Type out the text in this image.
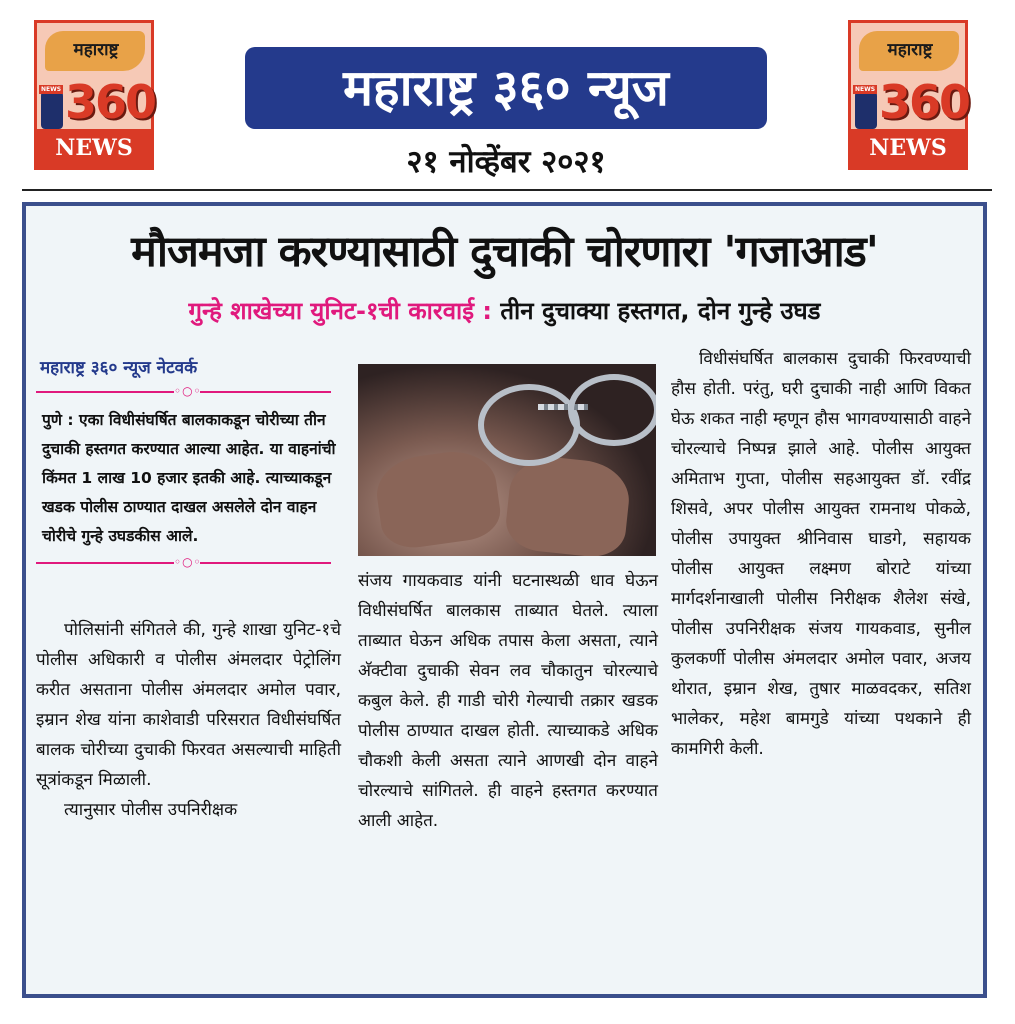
महाराष्ट्र
NEWS 360
NEWS
महाराष्ट्र ३६० न्यूज
२१ नोव्हेंबर २०२१
महाराष्ट्र
NEWS 360
NEWS
मौजमजा करण्यासाठी दुचाकी चोरणारा 'गजाआड'
गुन्हे शाखेच्या युनिट-१ची कारवाई : तीन दुचाक्या हस्तगत, दोन गुन्हे उघड
महाराष्ट्र ३६० न्यूज नेटवर्क
◦○◦

पुणे : एका विधीसंघर्षित बालकाकडून चोरीच्या तीन दुचाकी हस्तगत करण्यात आल्या आहेत. या वाहनांची किंमत 1 लाख 10 हजार इतकी आहे. त्याच्याकडून खडक पोलीस ठाण्यात दाखल असलेले दोन वाहन चोरीचे गुन्हे उघडकीस आले.

◦○◦

पोलिसांनी संगितले की, गुन्हे शाखा युनिट-१चे पोलीस अधिकारी व पोलीस अंमलदार पेट्रोलिंग करीत असताना पोलीस अंमलदार अमोल पवार, इम्रान शेख यांना काशेवाडी परिसरात विधीसंघर्षित बालक चोरीच्या दुचाकी फिरवत असल्याची माहिती सूत्रांकडून मिळाली.

त्यानुसार पोलीस उपनिरीक्षक

संजय गायकवाड यांनी घटनास्थळी धाव घेऊन विधीसंघर्षित बालकास ताब्यात घेतले. त्याला ताब्यात घेऊन अधिक तपास केला असता, त्याने अ‍ॅक्टीवा दुचाकी सेवन लव चौकातुन चोरल्याचे कबुल केले. ही गाडी चोरी गेल्याची तक्रार खडक पोलीस ठाण्यात दाखल होती. त्याच्याकडे अधिक चौकशी केली असता त्याने आणखी दोन वाहने चोरल्याचे सांगितले. ही वाहने हस्तगत करण्यात आली आहेत.

विधीसंघर्षित बालकास दुचाकी फिरवण्याची हौस होती. परंतु, घरी दुचाकी नाही आणि विकत घेऊ शकत नाही म्हणून हौस भागवण्यासाठी वाहने चोरल्याचे निष्पन्न झाले आहे. पोलीस आयुक्त अमिताभ गुप्ता, पोलीस सहआयुक्त डॉ. रवींद्र शिसवे, अपर पोलीस आयुक्त रामनाथ पोकळे, पोलीस उपायुक्त श्रीनिवास घाडगे, सहायक पोलीस आयुक्त लक्ष्मण बोराटे यांच्या मार्गदर्शनाखाली पोलीस निरीक्षक शैलेश संखे, पोलीस उपनिरीक्षक संजय गायकवाड, सुनील कुलकर्णी पोलीस अंमलदार अमोल पवार, अजय थोरात, इम्रान शेख, तुषार माळवदकर, सतिश भालेकर, महेश बामगुडे यांच्या पथकाने ही कामगिरी केली.
